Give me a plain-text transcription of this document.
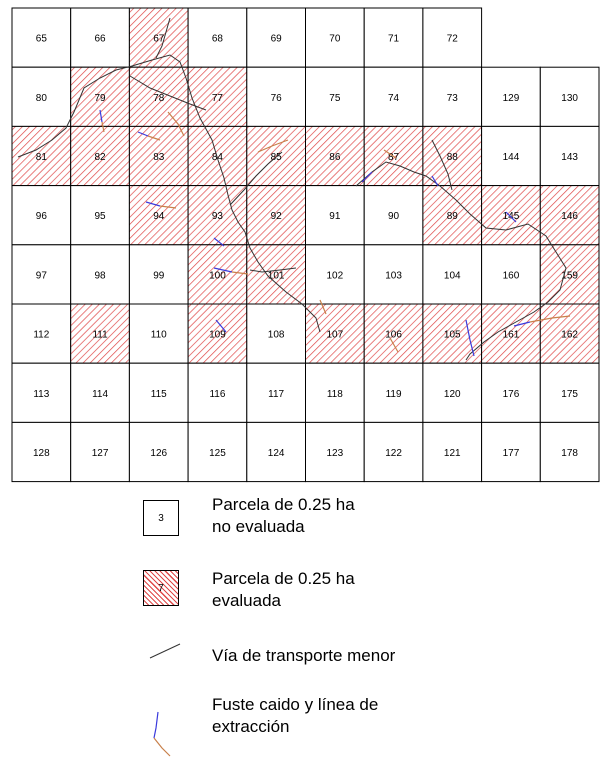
65	66	67	68	69	70	71	72
80	79	78	77	76	75	74	73	129	130
81	82	83	84	85	86	87	88	144	143
96	95	94	93	92	91	90	89	145	146
97	98	99	100	101	102	103	104	160	159
112	111	110	109	108	107	106	105	161	162
113	114	115	116	117	118	119	120	176	175
128	127	126	125	124	123	122	121	177	178
3
Parcela de 0.25 ha
no evaluada
7	Parcela de 0.25 ha
evaluada
Vía de transporte menor
Fuste caido y línea de
extracción
